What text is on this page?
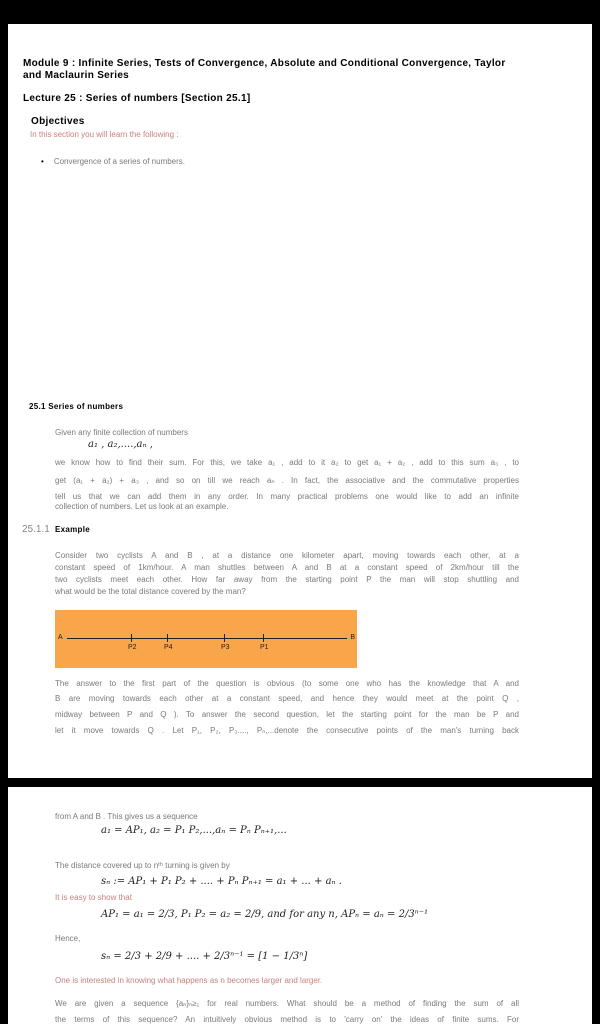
Module 9 : Infinite Series, Tests of Convergence, Absolute and Conditional Convergence, Taylor
and Maclaurin Series
Lecture 25 : Series of numbers [Section 25.1]
Objectives
In this section you will learn the following :
• Convergence of a series of numbers.
25.1 Series of numbers
Given any finite collection of numbers
a₁ , a₂,....,aₙ ,
we know how to find their sum. For this, we take a₁ , add to it a₂ to get a₁ + a₂ , add to this sum a₃ , to
get (a₁ + a₂) + a₃ , and so on till we reach aₙ . In fact, the associative and the commutative properties
tell us that we can add them in any order. In many practical problems one would like to add an infinite
collection of numbers. Let us look at an example.
25.1.1 Example
Consider two cyclists A and B , at a distance one kilometer apart, moving towards each other, at a
constant speed of 1km/hour. A man shuttles between A and B at a constant speed of 2km/hour till the
two cyclists meet each other. How far away from the starting point P the man will stop shuttling and
what would be the total distance covered by the man?
A	B
P2	P4	P3	P1
The answer to the first part of the question is obvious (to some one who has the knowledge that A and
B are moving towards each other at a constant speed, and hence they would meet at the point Q ,
midway between P and Q ). To answer the second question, let the starting point for the man be P and
let it move towards Q . Let P₁, P₂, P₃...., Pₙ,...denote the consecutive points of the man's turning back
from A and B . This gives us a sequence
a₁ = AP₁, a₂ = P₁ P₂,...,aₙ = Pₙ Pₙ₊₁,...
The distance covered up to nᵗʰ turning is given by
sₙ := AP₁ + P₁ P₂ + .... + Pₙ Pₙ₊₁ = a₁ + ... + aₙ .
It is easy to show that
AP₁ = a₁ = 2/3, P₁ P₂ = a₂ = 2/9, and for any n, APₙ = aₙ = 2/3ⁿ⁻¹
Hence,
sₙ = 2/3 + 2/9 + .... + 2/3ⁿ⁻¹ = [1 − 1/3ⁿ]
One is interested in knowing what happens as n becomes larger and larger.
We are given a sequence {aₙ}ₙ≥₁ for real numbers. What should be a method of finding the sum of all
the terms of this sequence? An intuitively obvious method is to 'carry on' the ideas of finite sums. For
